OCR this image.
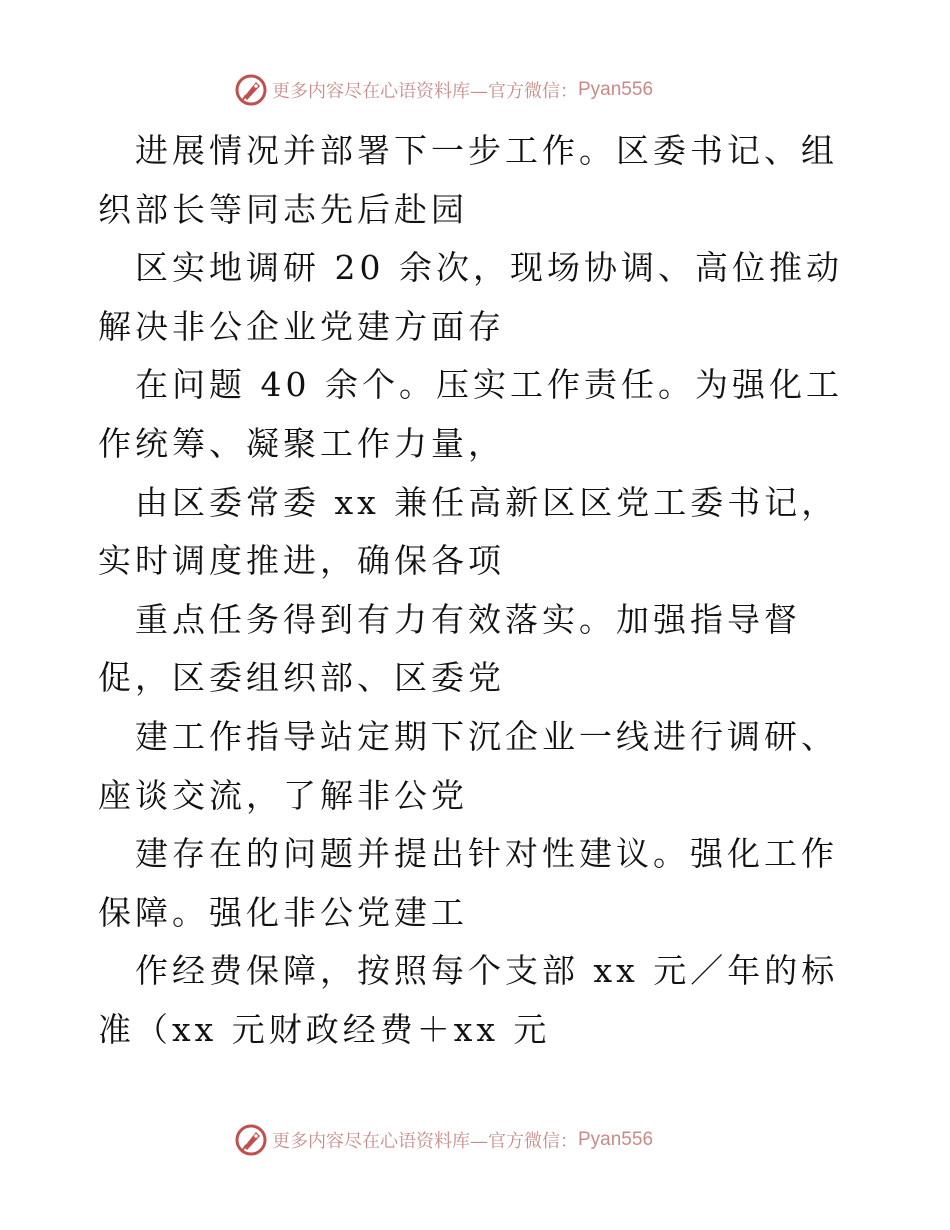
更多内容尽在心语资料库—官方微信： Pyan556

进展情况并部署下一步工作。区委书记、组织部长等同志先后赴园

区实地调研 20 余次，现场协调、高位推动解决非公企业党建方面存

在问题 40 余个。压实工作责任。为强化工作统筹、凝聚工作力量，

由区委常委 xx 兼任高新区区党工委书记，实时调度推进，确保各项

重点任务得到有力有效落实。加强指导督促，区委组织部、区委党

建工作指导站定期下沉企业一线进行调研、座谈交流，了解非公党

建存在的问题并提出针对性建议。强化工作保障。强化非公党建工

作经费保障，按照每个支部 xx 元／年的标准（xx 元财政经费＋xx 元

更多内容尽在心语资料库—官方微信： Pyan556
